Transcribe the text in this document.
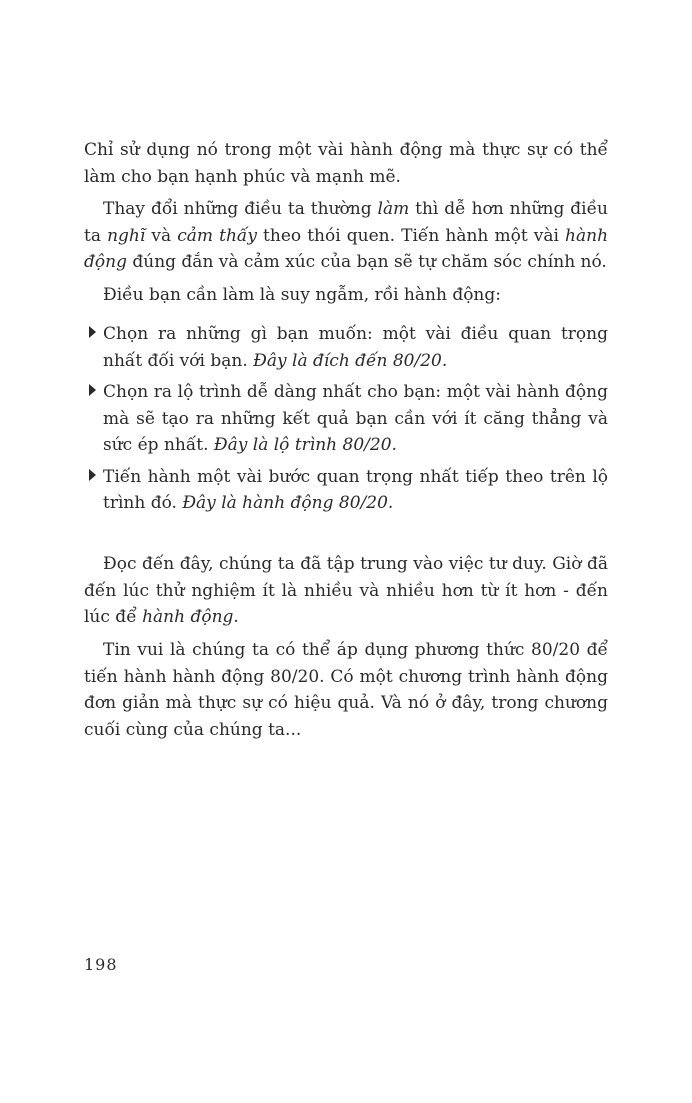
Chỉ sử dụng nó trong một vài hành động mà thực sự có thể làm cho bạn hạnh phúc và mạnh mẽ.

Thay đổi những điều ta thường làm thì dễ hơn những điều ta nghĩ và cảm thấy theo thói quen. Tiến hành một vài hành động đúng đắn và cảm xúc của bạn sẽ tự chăm sóc chính nó.

Điều bạn cần làm là suy ngẫm, rồi hành động:

Chọn ra những gì bạn muốn: một vài điều quan trọng nhất đối với bạn. Đây là đích đến 80/20.

Chọn ra lộ trình dễ dàng nhất cho bạn: một vài hành động mà sẽ tạo ra những kết quả bạn cần với ít căng thẳng và sức ép nhất. Đây là lộ trình 80/20.

Tiến hành một vài bước quan trọng nhất tiếp theo trên lộ trình đó. Đây là hành động 80/20.

Đọc đến đây, chúng ta đã tập trung vào việc tư duy. Giờ đã đến lúc thử nghiệm ít là nhiều và nhiều hơn từ ít hơn - đến lúc để hành động.

Tin vui là chúng ta có thể áp dụng phương thức 80/20 để tiến hành hành động 80/20. Có một chương trình hành động đơn giản mà thực sự có hiệu quả. Và nó ở đây, trong chương cuối cùng của chúng ta...

198
